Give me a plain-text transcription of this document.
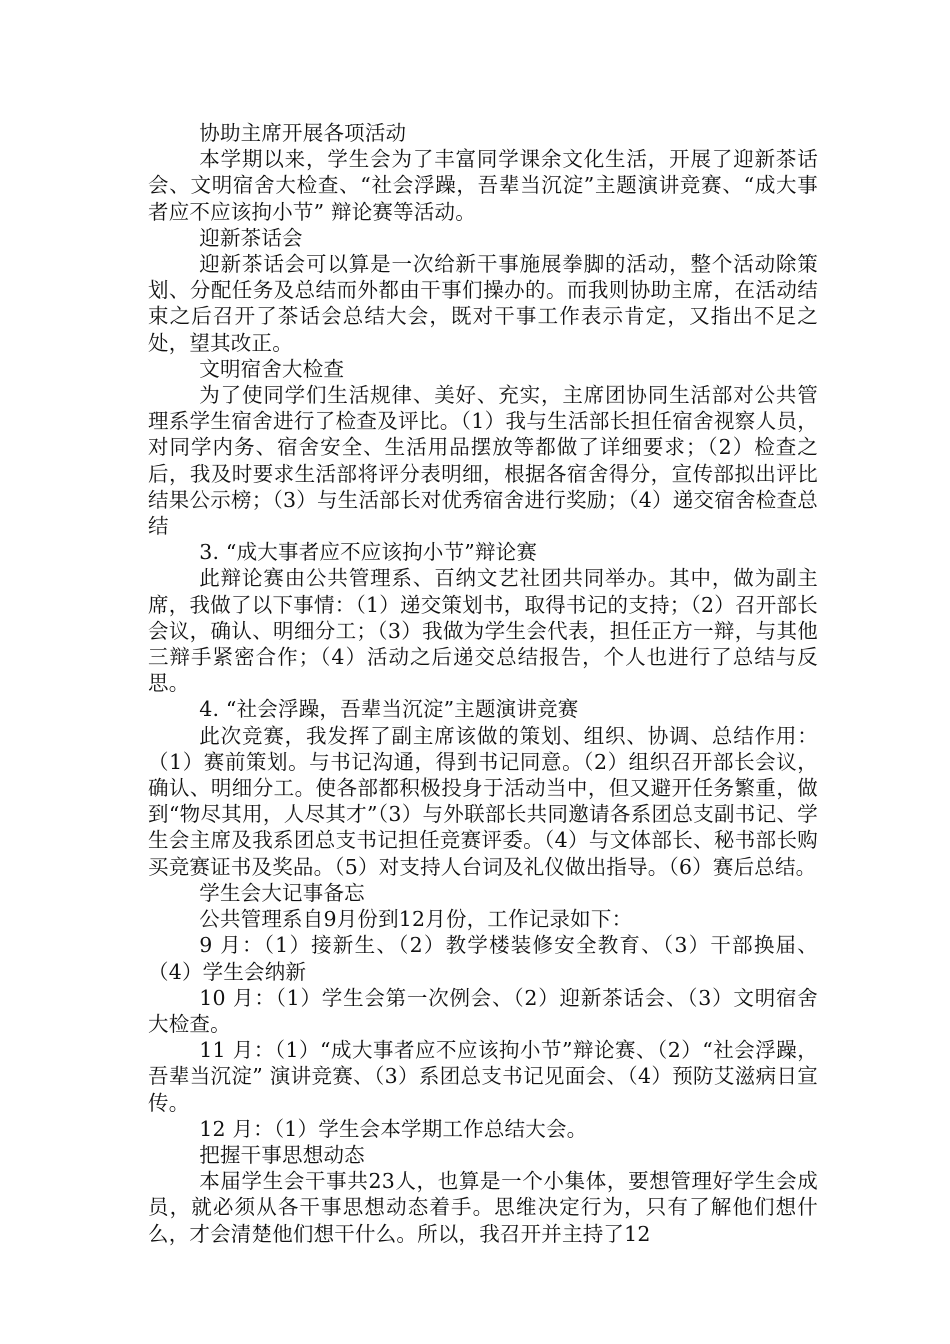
协助主席开展各项活动
本学期以来，学生会为了丰富同学课余文化生活，开展了迎新茶话会、文明宿舍大检查、“社会浮躁，吾辈当沉淀”主题演讲竞赛、“成大事者应不应该拘小节” 辩论赛等活动。
迎新茶话会
迎新茶话会可以算是一次给新干事施展拳脚的活动，整个活动除策划、分配任务及总结而外都由干事们操办的。而我则协助主席，在活动结束之后召开了茶话会总结大会，既对干事工作表示肯定，又指出不足之处，望其改正。
文明宿舍大检查
为了使同学们生活规律、美好、充实，主席团协同生活部对公共管理系学生宿舍进行了检查及评比。（1）我与生活部长担任宿舍视察人员，对同学内务、宿舍安全、生活用品摆放等都做了详细要求；（2）检查之后，我及时要求生活部将评分表明细，根据各宿舍得分，宣传部拟出评比结果公示榜；（3）与生活部长对优秀宿舍进行奖励；（4）递交宿舍检查总结
3. “成大事者应不应该拘小节”辩论赛
此辩论赛由公共管理系、百纳文艺社团共同举办。其中，做为副主席，我做了以下事情：（1）递交策划书，取得书记的支持；（2）召开部长会议，确认、明细分工；（3）我做为学生会代表，担任正方一辩，与其他三辩手紧密合作；（4）活动之后递交总结报告，个人也进行了总结与反思。
4. “社会浮躁，吾辈当沉淀”主题演讲竞赛
此次竞赛，我发挥了副主席该做的策划、组织、协调、总结作用：（1）赛前策划。与书记沟通，得到书记同意。（2）组织召开部长会议，确认、明细分工。使各部都积极投身于活动当中，但又避开任务繁重，做到“物尽其用，人尽其才”（3）与外联部长共同邀请各系团总支副书记、学生会主席及我系团总支书记担任竞赛评委。（4）与文体部长、秘书部长购买竞赛证书及奖品。（5）对支持人台词及礼仪做出指导。（6）赛后总结。
学生会大记事备忘
公共管理系自9月份到12月份，工作记录如下：
9 月：（1）接新生、（2）教学楼装修安全教育、（3）干部换届、（4）学生会纳新
10 月：（1）学生会第一次例会、（2）迎新茶话会、（3）文明宿舍大检查。
11 月：（1）“成大事者应不应该拘小节”辩论赛、（2）“社会浮躁，吾辈当沉淀” 演讲竞赛、（3）系团总支书记见面会、（4）预防艾滋病日宣传。
12 月：（1）学生会本学期工作总结大会。
把握干事思想动态
本届学生会干事共23人，也算是一个小集体，要想管理好学生会成员，就必须从各干事思想动态着手。思维决定行为，只有了解他们想什么，才会清楚他们想干什么。所以，我召开并主持了12
